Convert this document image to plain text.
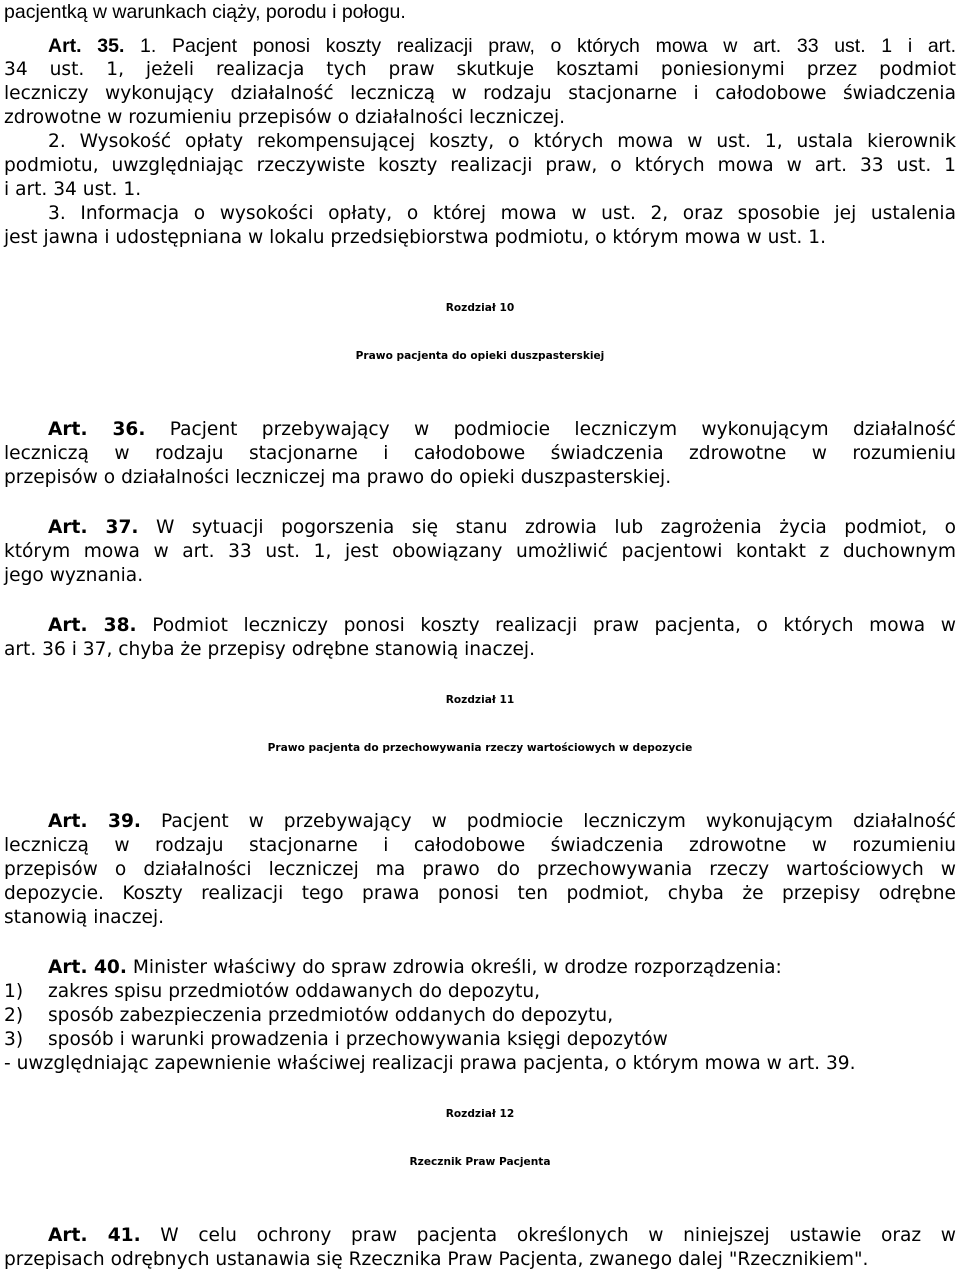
pacjentką w warunkach ciąży, porodu i połogu.
Art. 35. 1. Pacjent ponosi koszty realizacji praw, o których mowa w art. 33 ust. 1 i art.
34 ust. 1, jeżeli realizacja tych praw skutkuje kosztami poniesionymi przez podmiot
leczniczy wykonujący działalność leczniczą w rodzaju stacjonarne i całodobowe świadczenia
zdrowotne w rozumieniu przepisów o działalności leczniczej.
2. Wysokość opłaty rekompensującej koszty, o których mowa w ust. 1, ustala kierownik
podmiotu, uwzględniając rzeczywiste koszty realizacji praw, o których mowa w art. 33 ust. 1
i art. 34 ust. 1.
3. Informacja o wysokości opłaty, o której mowa w ust. 2, oraz sposobie jej ustalenia
jest jawna i udostępniana w lokalu przedsiębiorstwa podmiotu, o którym mowa w ust. 1.
Rozdział 10
Prawo pacjenta do opieki duszpasterskiej
Art. 36. Pacjent przebywający w podmiocie leczniczym wykonującym działalność
leczniczą w rodzaju stacjonarne i całodobowe świadczenia zdrowotne w rozumieniu
przepisów o działalności leczniczej ma prawo do opieki duszpasterskiej.
Art. 37. W sytuacji pogorszenia się stanu zdrowia lub zagrożenia życia podmiot, o
którym mowa w art. 33 ust. 1, jest obowiązany umożliwić pacjentowi kontakt z duchownym
jego wyznania.
Art. 38. Podmiot leczniczy ponosi koszty realizacji praw pacjenta, o których mowa w
art. 36 i 37, chyba że przepisy odrębne stanowią inaczej.
Rozdział 11
Prawo pacjenta do przechowywania rzeczy wartościowych w depozycie
Art. 39. Pacjent w przebywający w podmiocie leczniczym wykonującym działalność
leczniczą w rodzaju stacjonarne i całodobowe świadczenia zdrowotne w rozumieniu
przepisów o działalności leczniczej ma prawo do przechowywania rzeczy wartościowych w
depozycie. Koszty realizacji tego prawa ponosi ten podmiot, chyba że przepisy odrębne
stanowią inaczej.
Art. 40. Minister właściwy do spraw zdrowia określi, w drodze rozporządzenia:
1) zakres spisu przedmiotów oddawanych do depozytu,
2) sposób zabezpieczenia przedmiotów oddanych do depozytu,
3) sposób i warunki prowadzenia i przechowywania księgi depozytów
- uwzględniając zapewnienie właściwej realizacji prawa pacjenta, o którym mowa w art. 39.
Rozdział 12
Rzecznik Praw Pacjenta
Art. 41. W celu ochrony praw pacjenta określonych w niniejszej ustawie oraz w
przepisach odrębnych ustanawia się Rzecznika Praw Pacjenta, zwanego dalej "Rzecznikiem".
